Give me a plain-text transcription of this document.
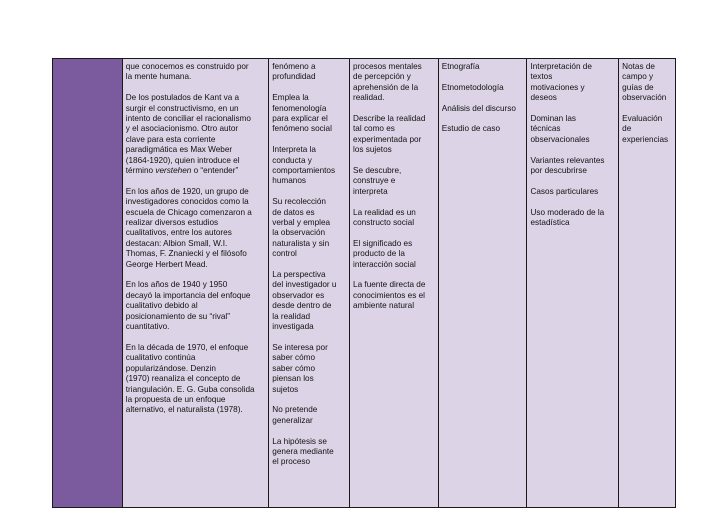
que conocemos es construido por
la mente humana.

De los postulados de Kant va a
surgir el constructivismo, en un
intento de conciliar el racionalismo
y el asociacionismo. Otro autor
clave para esta corriente
paradigmática es Max Weber
(1864-1920), quien introduce el
término verstehen o “entender”

En los años de 1920, un grupo de
investigadores conocidos como la
escuela de Chicago comenzaron a
realizar diversos estudios
cualitativos, entre los autores
destacan: Albion Small, W.I.
Thomas, F. Znaniecki y el filósofo
George Herbert Mead.

En los años de 1940 y 1950
decayó la importancia del enfoque
cualitativo debido al
posicionamiento de su “rival”
cuantitativo.

En la década de 1970, el enfoque
cualitativo continúa
popularizándose. Denzin
(1970) reanaliza el concepto de
triangulación. E. G. Guba consolida
la propuesta de un enfoque
alternativo, el naturalista (1978).

fenómeno a
profundidad

Emplea la
fenomenología
para explicar el
fenómeno social

Interpreta la
conducta y
comportamientos
humanos

Su recolección
de datos es
verbal y emplea
la observación
naturalista y sin
control

La perspectiva
del investigador u
observador es
desde dentro de
la realidad
investigada

Se interesa por
saber cómo
saber cómo
piensan los
sujetos

No pretende
generalizar

La hipótesis se
genera mediante
el proceso

procesos mentales
de percepción y
aprehensión de la
realidad.

Describe la realidad
tal como es
experimentada por
los sujetos

Se descubre,
construye e
interpreta

La realidad es un
constructo social

El significado es
producto de la
interacción social

La fuente directa de
conocimientos es el
ambiente natural

Etnografía

Etnometodología

Análisis del discurso

Estudio de caso

Interpretación de
textos
motivaciones y
deseos

Dominan las
técnicas
observacionales

Variantes relevantes
por descubrirse

Casos particulares

Uso moderado de la
estadística

Notas de
campo y
guías de
observación

Evaluación de
experiencias
